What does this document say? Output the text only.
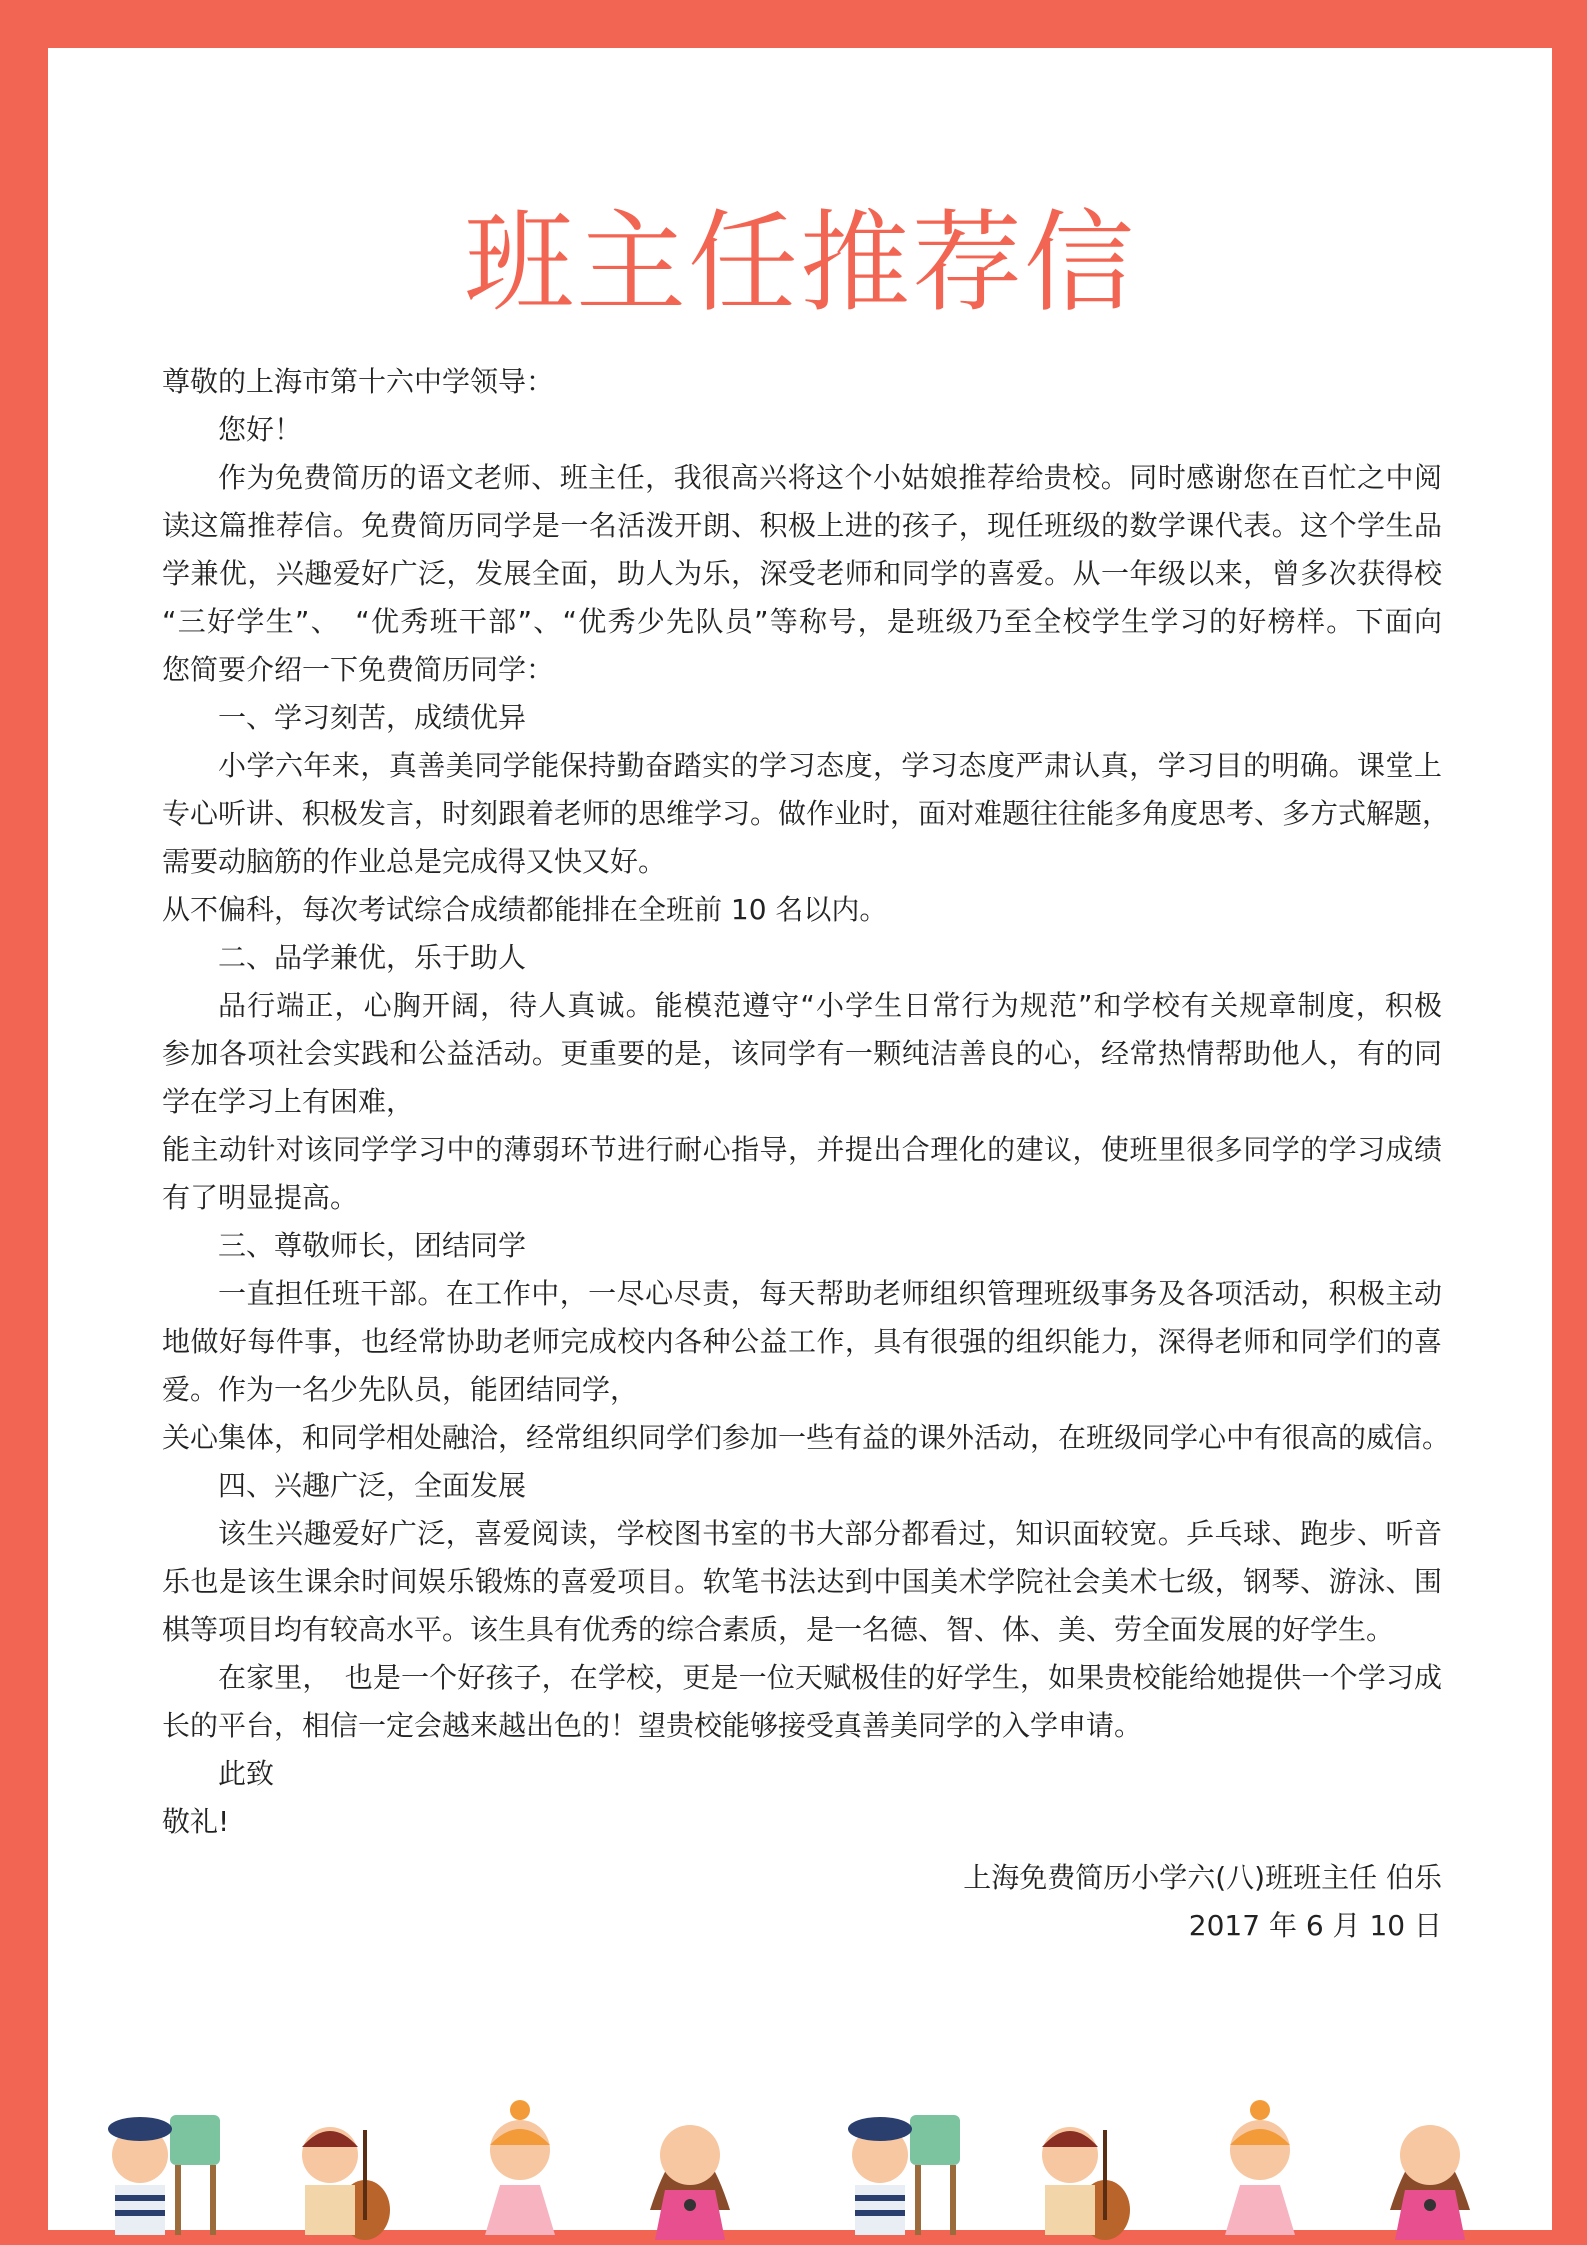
班主任推荐信
尊敬的上海市第十六中学领导：
您好！
作为免费简历的语文老师、班主任，我很高兴将这个小姑娘推荐给贵校。同时感谢您在百忙之中阅
读这篇推荐信。免费简历同学是一名活泼开朗、积极上进的孩子，现任班级的数学课代表。这个学生品
学兼优，兴趣爱好广泛，发展全面，助人为乐，深受老师和同学的喜爱。从一年级以来，曾多次获得校
“三好学生”、　“优秀班干部”、“优秀少先队员”等称号，是班级乃至全校学生学习的好榜样。下面向
您简要介绍一下免费简历同学：
一、学习刻苦，成绩优异
小学六年来，真善美同学能保持勤奋踏实的学习态度，学习态度严肃认真，学习目的明确。课堂上
专心听讲、积极发言，时刻跟着老师的思维学习。做作业时，面对难题往往能多角度思考、多方式解题，
需要动脑筋的作业总是完成得又快又好。
从不偏科，每次考试综合成绩都能排在全班前 10 名以内。
二、品学兼优，乐于助人
品行端正，心胸开阔，待人真诚。能模范遵守“小学生日常行为规范”和学校有关规章制度，积极
参加各项社会实践和公益活动。更重要的是，该同学有一颗纯洁善良的心，经常热情帮助他人，有的同
学在学习上有困难，
能主动针对该同学学习中的薄弱环节进行耐心指导，并提出合理化的建议，使班里很多同学的学习成绩
有了明显提高。
三、尊敬师长，团结同学
一直担任班干部。在工作中，一尽心尽责，每天帮助老师组织管理班级事务及各项活动，积极主动
地做好每件事，也经常协助老师完成校内各种公益工作，具有很强的组织能力，深得老师和同学们的喜
爱。作为一名少先队员，能团结同学，
关心集体，和同学相处融洽，经常组织同学们参加一些有益的课外活动，在班级同学心中有很高的威信。
四、兴趣广泛，全面发展
该生兴趣爱好广泛，喜爱阅读，学校图书室的书大部分都看过，知识面较宽。乒乓球、跑步、听音
乐也是该生课余时间娱乐锻炼的喜爱项目。软笔书法达到中国美术学院社会美术七级，钢琴、游泳、围
棋等项目均有较高水平。该生具有优秀的综合素质，是一名德、智、体、美、劳全面发展的好学生。
在家里，　也是一个好孩子，在学校，更是一位天赋极佳的好学生，如果贵校能给她提供一个学习成
长的平台，相信一定会越来越出色的！望贵校能够接受真善美同学的入学申请。
此致
敬礼!
上海免费简历小学六(八)班班主任 伯乐
2017 年 6 月 10 日
